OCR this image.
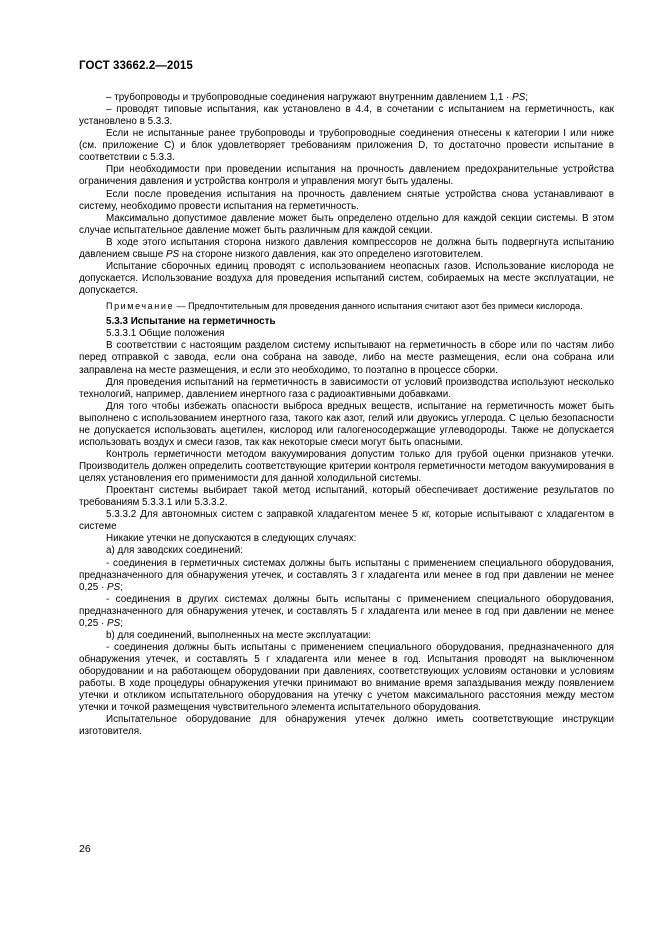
ГОСТ 33662.2—2015

– трубопроводы и трубопроводные соединения нагружают внутренним давлением 1,1 · PS;

– проводят типовые испытания, как установлено в 4.4, в сочетании с испытанием на герметичность, как установлено в 5.3.3.

Если не испытанные ранее трубопроводы и трубопроводные соединения отнесены к категории I или ниже (см. приложение С) и блок удовлетворяет требованиям приложения D, то достаточно провести испытание в соответствии с 5.3.3.

При необходимости при проведении испытания на прочность давлением предохранительные устройства ограничения давления и устройства контроля и управления могут быть удалены.

Если после проведения испытания на прочность давлением снятые устройства снова устанавливают в систему, необходимо провести испытания на герметичность.

Максимально допустимое давление может быть определено отдельно для каждой секции системы. В этом случае испытательное давление может быть различным для каждой секции.

В ходе этого испытания сторона низкого давления компрессоров не должна быть подвергнута испытанию давлением свыше PS на стороне низкого давления, как это определено изготовителем.

Испытание сборочных единиц проводят с использованием неопасных газов. Использование кислорода не допускается. Использование воздуха для проведения испытаний систем, собираемых на месте эксплуатации, не допускается.

Примечание — Предпочтительным для проведения данного испытания считают азот без примеси кислорода.

5.3.3 Испытание на герметичность

5.3.3.1 Общие положения

В соответствии с настоящим разделом систему испытывают на герметичность в сборе или по частям либо перед отправкой с завода, если она собрана на заводе, либо на месте размещения, если она собрана или заправлена на месте размещения, и если это необходимо, то поэтапно в процессе сборки.

Для проведения испытаний на герметичность в зависимости от условий производства используют несколько технологий, например, давлением инертного газа с радиоактивными добавками.

Для того чтобы избежать опасности выброса вредных веществ, испытание на герметичность может быть выполнено с использованием инертного газа, такого как азот, гелий или двуокись углерода. С целью безопасности не допускается использовать ацетилен, кислород или галогеносодержащие углеводороды. Также не допускается использовать воздух и смеси газов, так как некоторые смеси могут быть опасными.

Контроль герметичности методом вакуумирования допустим только для грубой оценки признаков утечки. Производитель должен определить соответствующие критерии контроля герметичности методом вакуумирования в целях установления его применимости для данной холодильной системы.

Проектант системы выбирает такой метод испытаний, который обеспечивает достижение результатов по требованиям 5.3.3.1 или 5.3.3.2.

5.3.3.2 Для автономных систем с заправкой хладагентом менее 5 кг, которые испытывают с хладагентом в системе

Никакие утечки не допускаются в следующих случаях:

а) для заводских соединений:

- соединения в герметичных системах должны быть испытаны с применением специального оборудования, предназначенного для обнаружения утечек, и составлять 3 г хладагента или менее в год при давлении не менее 0,25 · PS;

- соединения в других системах должны быть испытаны с применением специального оборудования, предназначенного для обнаружения утечек, и составлять 5 г хладагента или менее в год при давлении не менее 0,25 · PS;

b) для соединений, выполненных на месте эксплуатации:

- соединения должны быть испытаны с применением специального оборудования, предназначенного для обнаружения утечек, и составлять 5 г хладагента или менее в год. Испытания проводят на выключенном оборудовании и на работающем оборудовании при давлениях, соответствующих условиям остановки и условиям работы. В ходе процедуры обнаружения утечки принимают во внимание время запаздывания между появлением утечки и откликом испытательного оборудования на утечку с учетом максимального расстояния между местом утечки и точкой размещения чувствительного элемента испытательного оборудования.

Испытательное оборудование для обнаружения утечек должно иметь соответствующие инструкции изготовителя.

26
